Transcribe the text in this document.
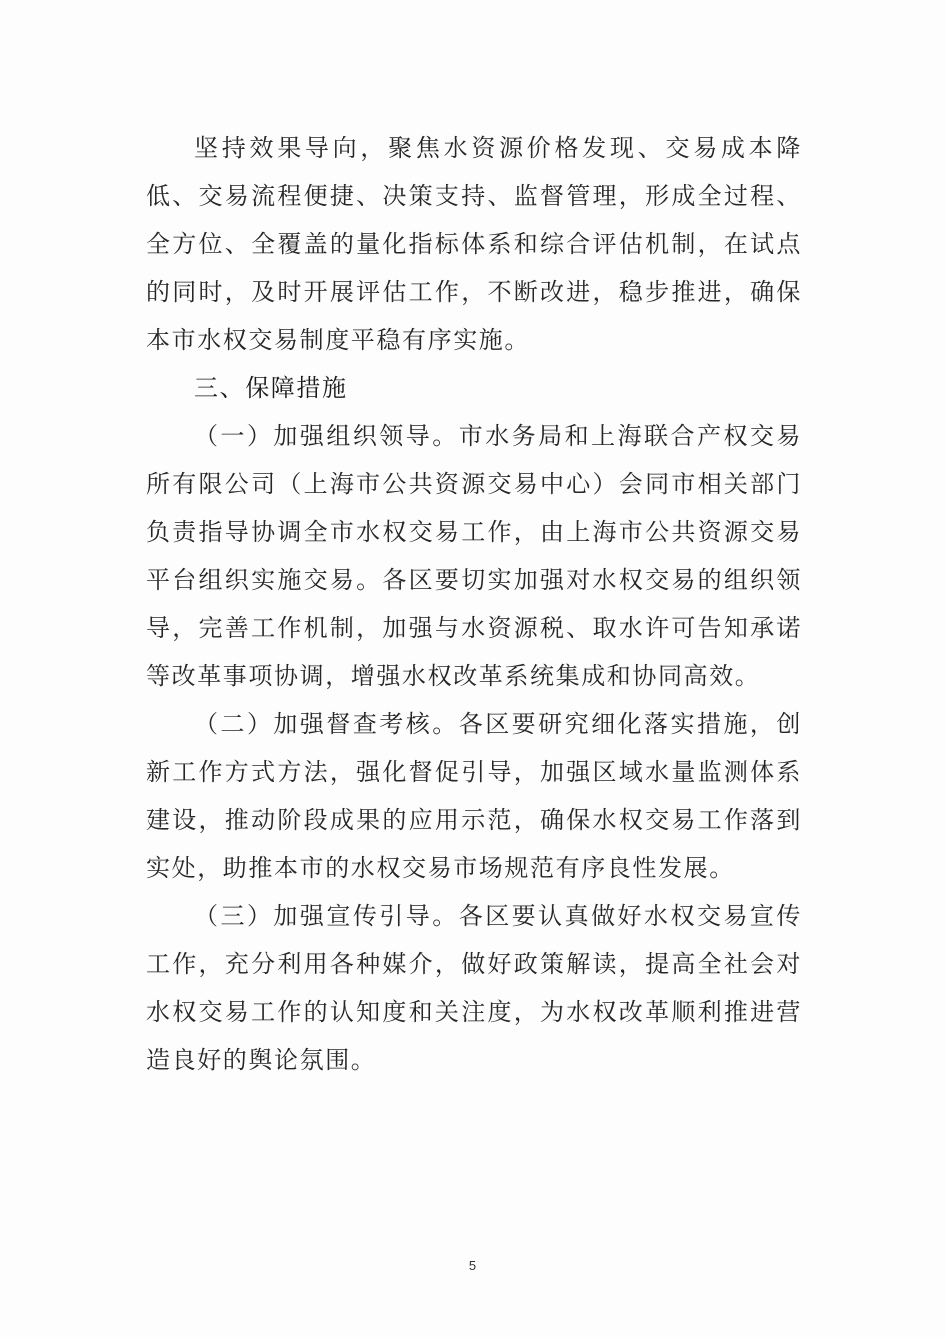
坚持效果导向，聚焦水资源价格发现、交易成本降低、交易流程便捷、决策支持、监督管理，形成全过程、全方位、全覆盖的量化指标体系和综合评估机制，在试点的同时，及时开展评估工作，不断改进，稳步推进，确保本市水权交易制度平稳有序实施。

三、保障措施

（一）加强组织领导。市水务局和上海联合产权交易所有限公司（上海市公共资源交易中心）会同市相关部门负责指导协调全市水权交易工作，由上海市公共资源交易平台组织实施交易。各区要切实加强对水权交易的组织领导，完善工作机制，加强与水资源税、取水许可告知承诺等改革事项协调，增强水权改革系统集成和协同高效。

（二）加强督查考核。各区要研究细化落实措施，创新工作方式方法，强化督促引导，加强区域水量监测体系建设，推动阶段成果的应用示范，确保水权交易工作落到实处，助推本市的水权交易市场规范有序良性发展。

（三）加强宣传引导。各区要认真做好水权交易宣传工作，充分利用各种媒介，做好政策解读，提高全社会对水权交易工作的认知度和关注度，为水权改革顺利推进营造良好的舆论氛围。

5
